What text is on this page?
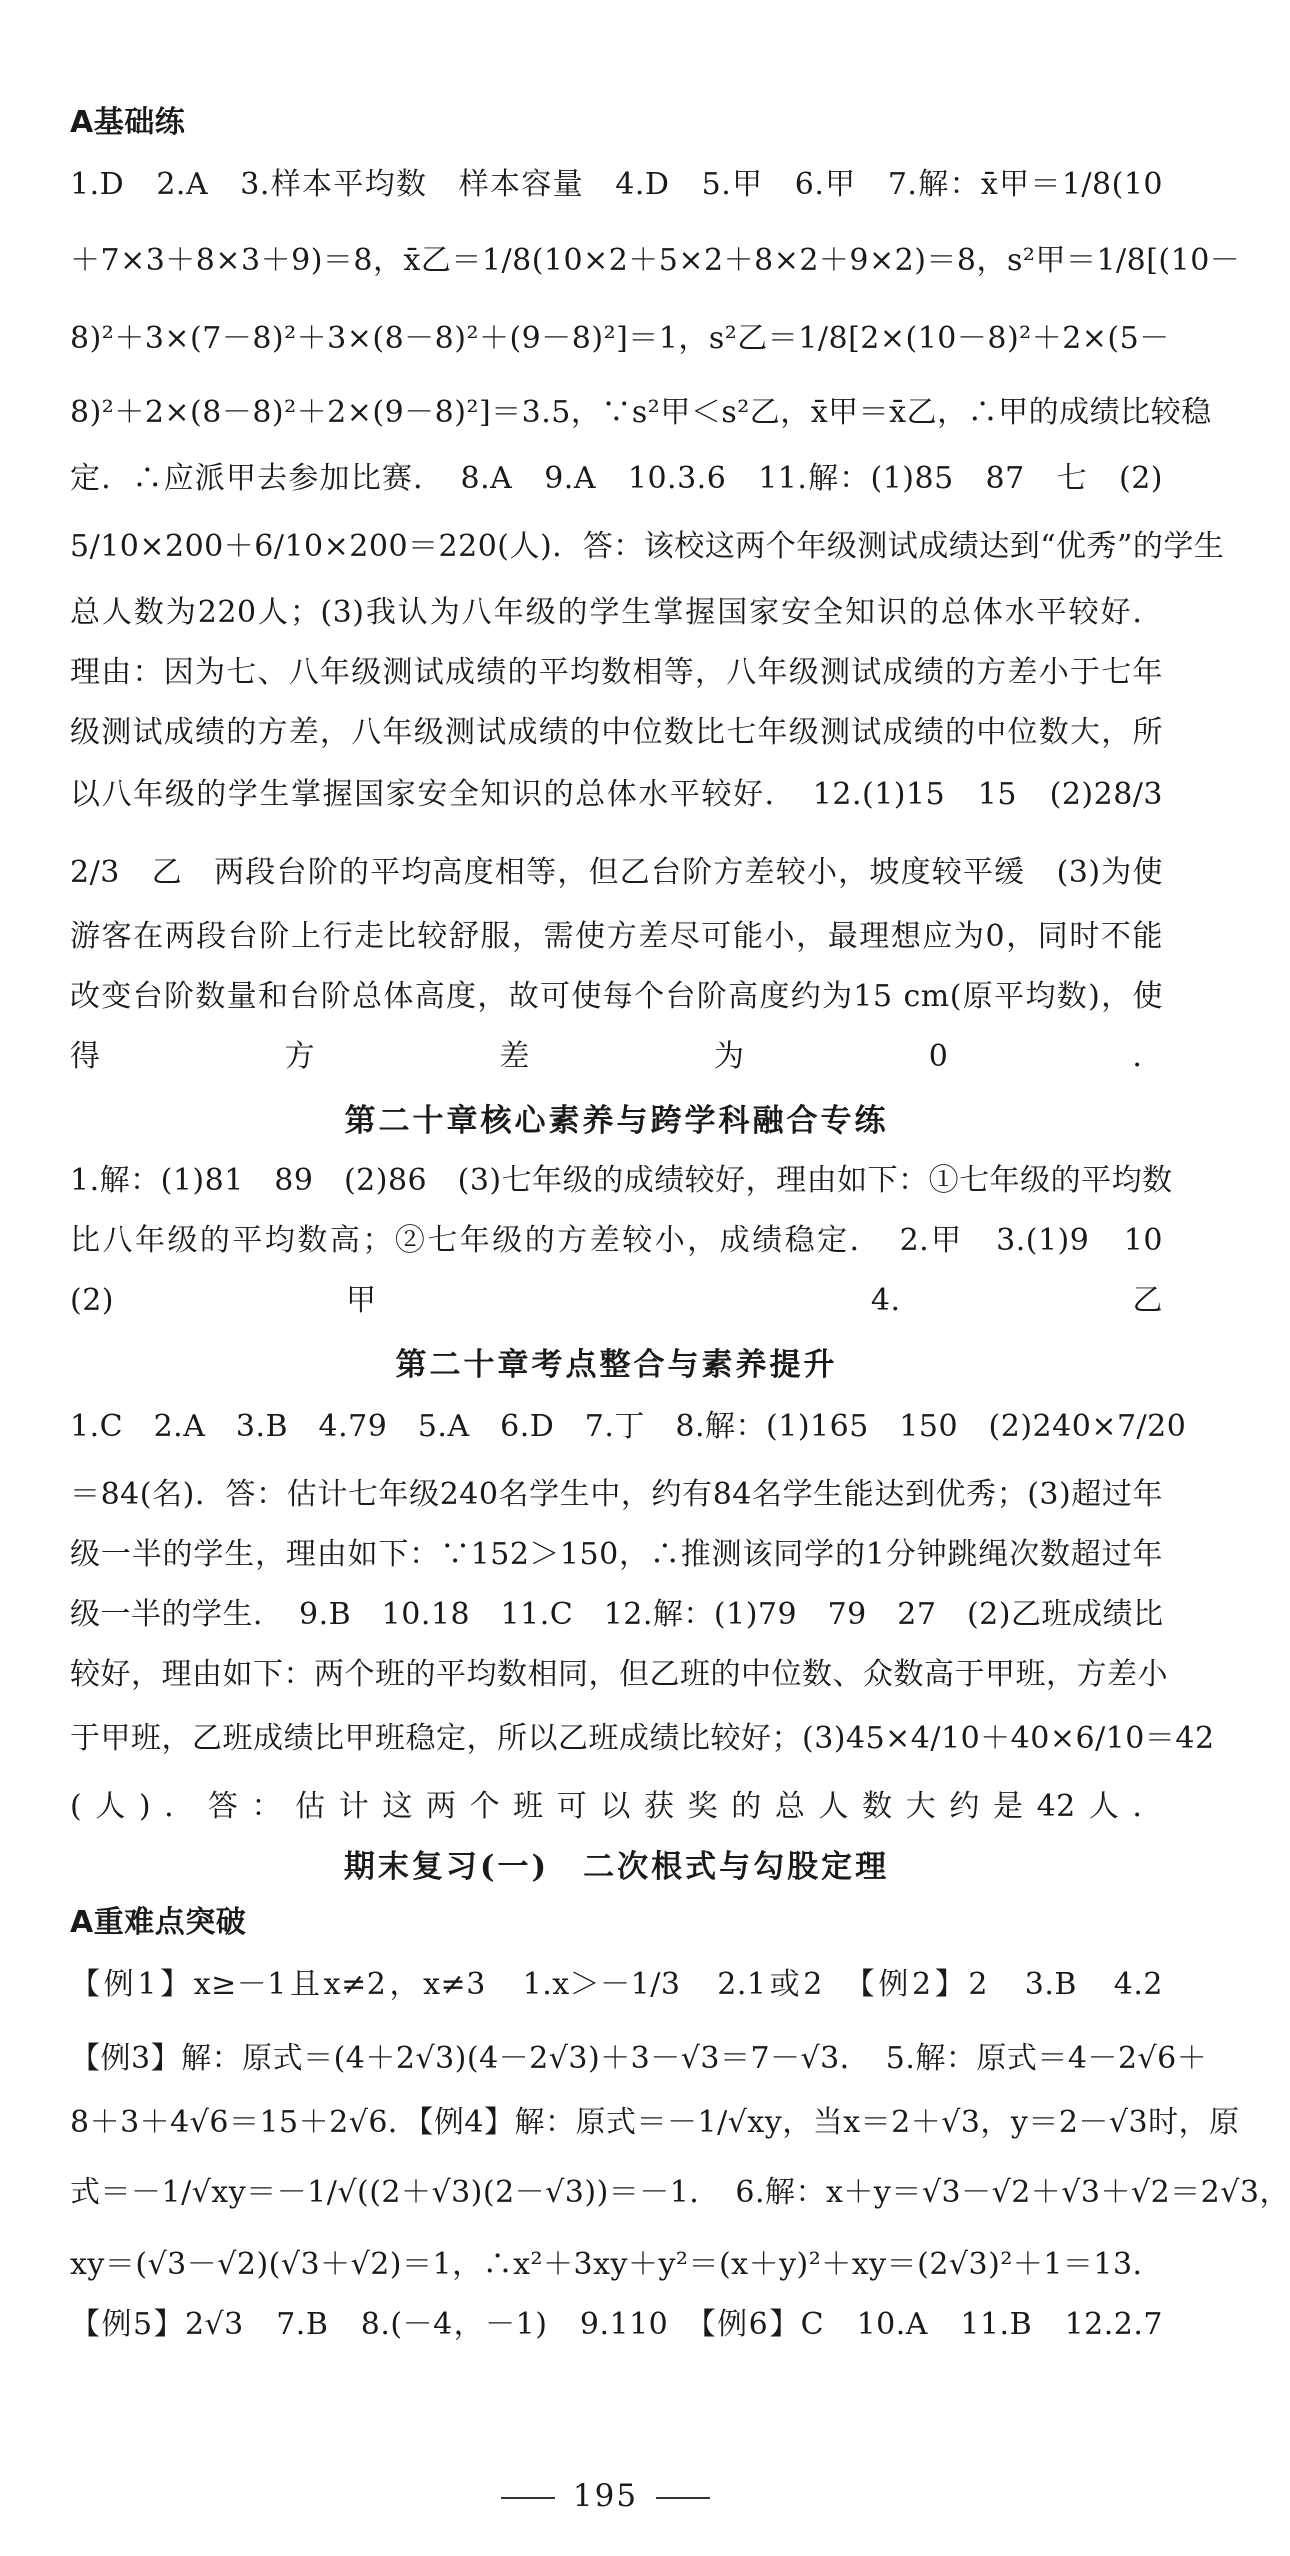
A基础练
1.D　2.A　3.样本平均数　样本容量　4.D　5.甲　6.甲　7.解：x̄甲＝1/8(10
＋7×3＋8×3＋9)＝8，x̄乙＝1/8(10×2＋5×2＋8×2＋9×2)＝8，s²甲＝1/8[(10－
8)²＋3×(7－8)²＋3×(8－8)²＋(9－8)²]＝1，s²乙＝1/8[2×(10－8)²＋2×(5－
8)²＋2×(8－8)²＋2×(9－8)²]＝3.5，∵s²甲＜s²乙，x̄甲＝x̄乙，∴甲的成绩比较稳
定．∴应派甲去参加比赛．　8.A　9.A　10.3.6　11.解：(1)85　87　七　(2)
5/10×200＋6/10×200＝220(人)．答：该校这两个年级测试成绩达到“优秀”的学生
总人数为220人；(3)我认为八年级的学生掌握国家安全知识的总体水平较好．
理由：因为七、八年级测试成绩的平均数相等，八年级测试成绩的方差小于七年
级测试成绩的方差，八年级测试成绩的中位数比七年级测试成绩的中位数大，所
以八年级的学生掌握国家安全知识的总体水平较好．　12.(1)15　15　(2)28/3
2/3　乙　两段台阶的平均高度相等，但乙台阶方差较小，坡度较平缓　(3)为使
游客在两段台阶上行走比较舒服，需使方差尽可能小，最理想应为0，同时不能
改变台阶数量和台阶总体高度，故可使每个台阶高度约为15 cm(原平均数)，使
得方差为0．
第二十章核心素养与跨学科融合专练
1.解：(1)81　89　(2)86　(3)七年级的成绩较好，理由如下：①七年级的平均数
比八年级的平均数高；②七年级的方差较小，成绩稳定．　2.甲　3.(1)9　10
(2)甲　4.乙
第二十章考点整合与素养提升
1.C　2.A　3.B　4.79　5.A　6.D　7.丁　8.解：(1)165　150　(2)240×7/20
＝84(名)．答：估计七年级240名学生中，约有84名学生能达到优秀；(3)超过年
级一半的学生，理由如下：∵152＞150，∴推测该同学的1分钟跳绳次数超过年
级一半的学生．　9.B　10.18　11.C　12.解：(1)79　79　27　(2)乙班成绩比
较好，理由如下：两个班的平均数相同，但乙班的中位数、众数高于甲班，方差小
于甲班，乙班成绩比甲班稳定，所以乙班成绩比较好；(3)45×4/10＋40×6/10＝42
(人)．答：估计这两个班可以获奖的总人数大约是42人．
期末复习(一)　二次根式与勾股定理
A重难点突破
【例1】x≥－1且x≠2，x≠3　1.x＞－1/3　2.1或2　【例2】2　3.B　4.2
【例3】解：原式＝(4＋2√3)(4－2√3)＋3－√3＝7－√3．　5.解：原式＝4－2√6＋
8＋3＋4√6＝15＋2√6．【例4】解：原式＝－1/√xy，当x＝2＋√3，y＝2－√3时，原
式＝－1/√xy＝－1/√((2＋√3)(2－√3))＝－1．　6.解：x＋y＝√3－√2＋√3＋√2＝2√3，
xy＝(√3－√2)(√3＋√2)＝1，∴x²＋3xy＋y²＝(x＋y)²＋xy＝(2√3)²＋1＝13．
【例5】2√3　7.B　8.(－4，－1)　9.110　【例6】C　10.A　11.B　12.2.7
195
